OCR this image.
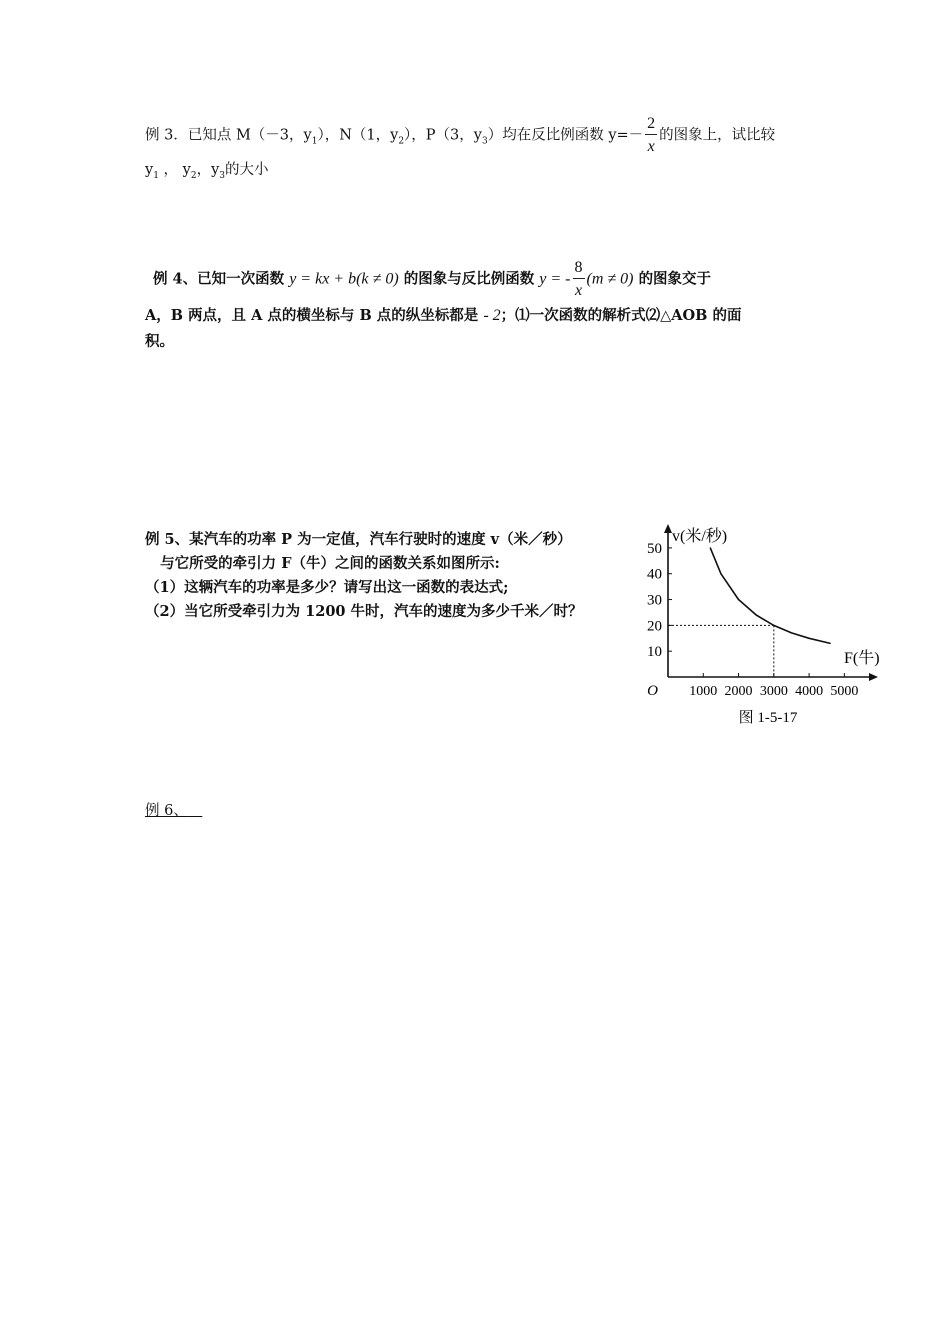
例 3．已知点 M（－3，$y_1$），N（1，$y_2$），P（3，$y_3$）均在反比例函数 $y=- \frac{2}{x}$ 的图象上，试比较
$y_1$ ， $y_2$，$y_3$的大小
例 4、已知一次函数 y = kx + b(k ≠ 0) 的图象与反比例函数 y = - $\frac{8}{x} (m \ne 0)$ 的图象交于
A，B 两点，且 A 点的横坐标与 B 点的纵坐标都是 - 2；⑴一次函数的解析式⑵△AOB 的面
积。
例 5、某汽车的功率 P 为一定值，汽车行驶时的速度 v（米／秒）
与它所受的牵引力 F（牛）之间的函数关系如图所示:
（1）这辆汽车的功率是多少？请写出这一函数的表达式;
（2）当它所受牵引力为 1200 牛时，汽车的速度为多少千米／时？
10
20
30
40
50
1000 2000 3000 4000 5000
v(米/秒)
F(牛)
O
图 1-5-17
例 6、 
